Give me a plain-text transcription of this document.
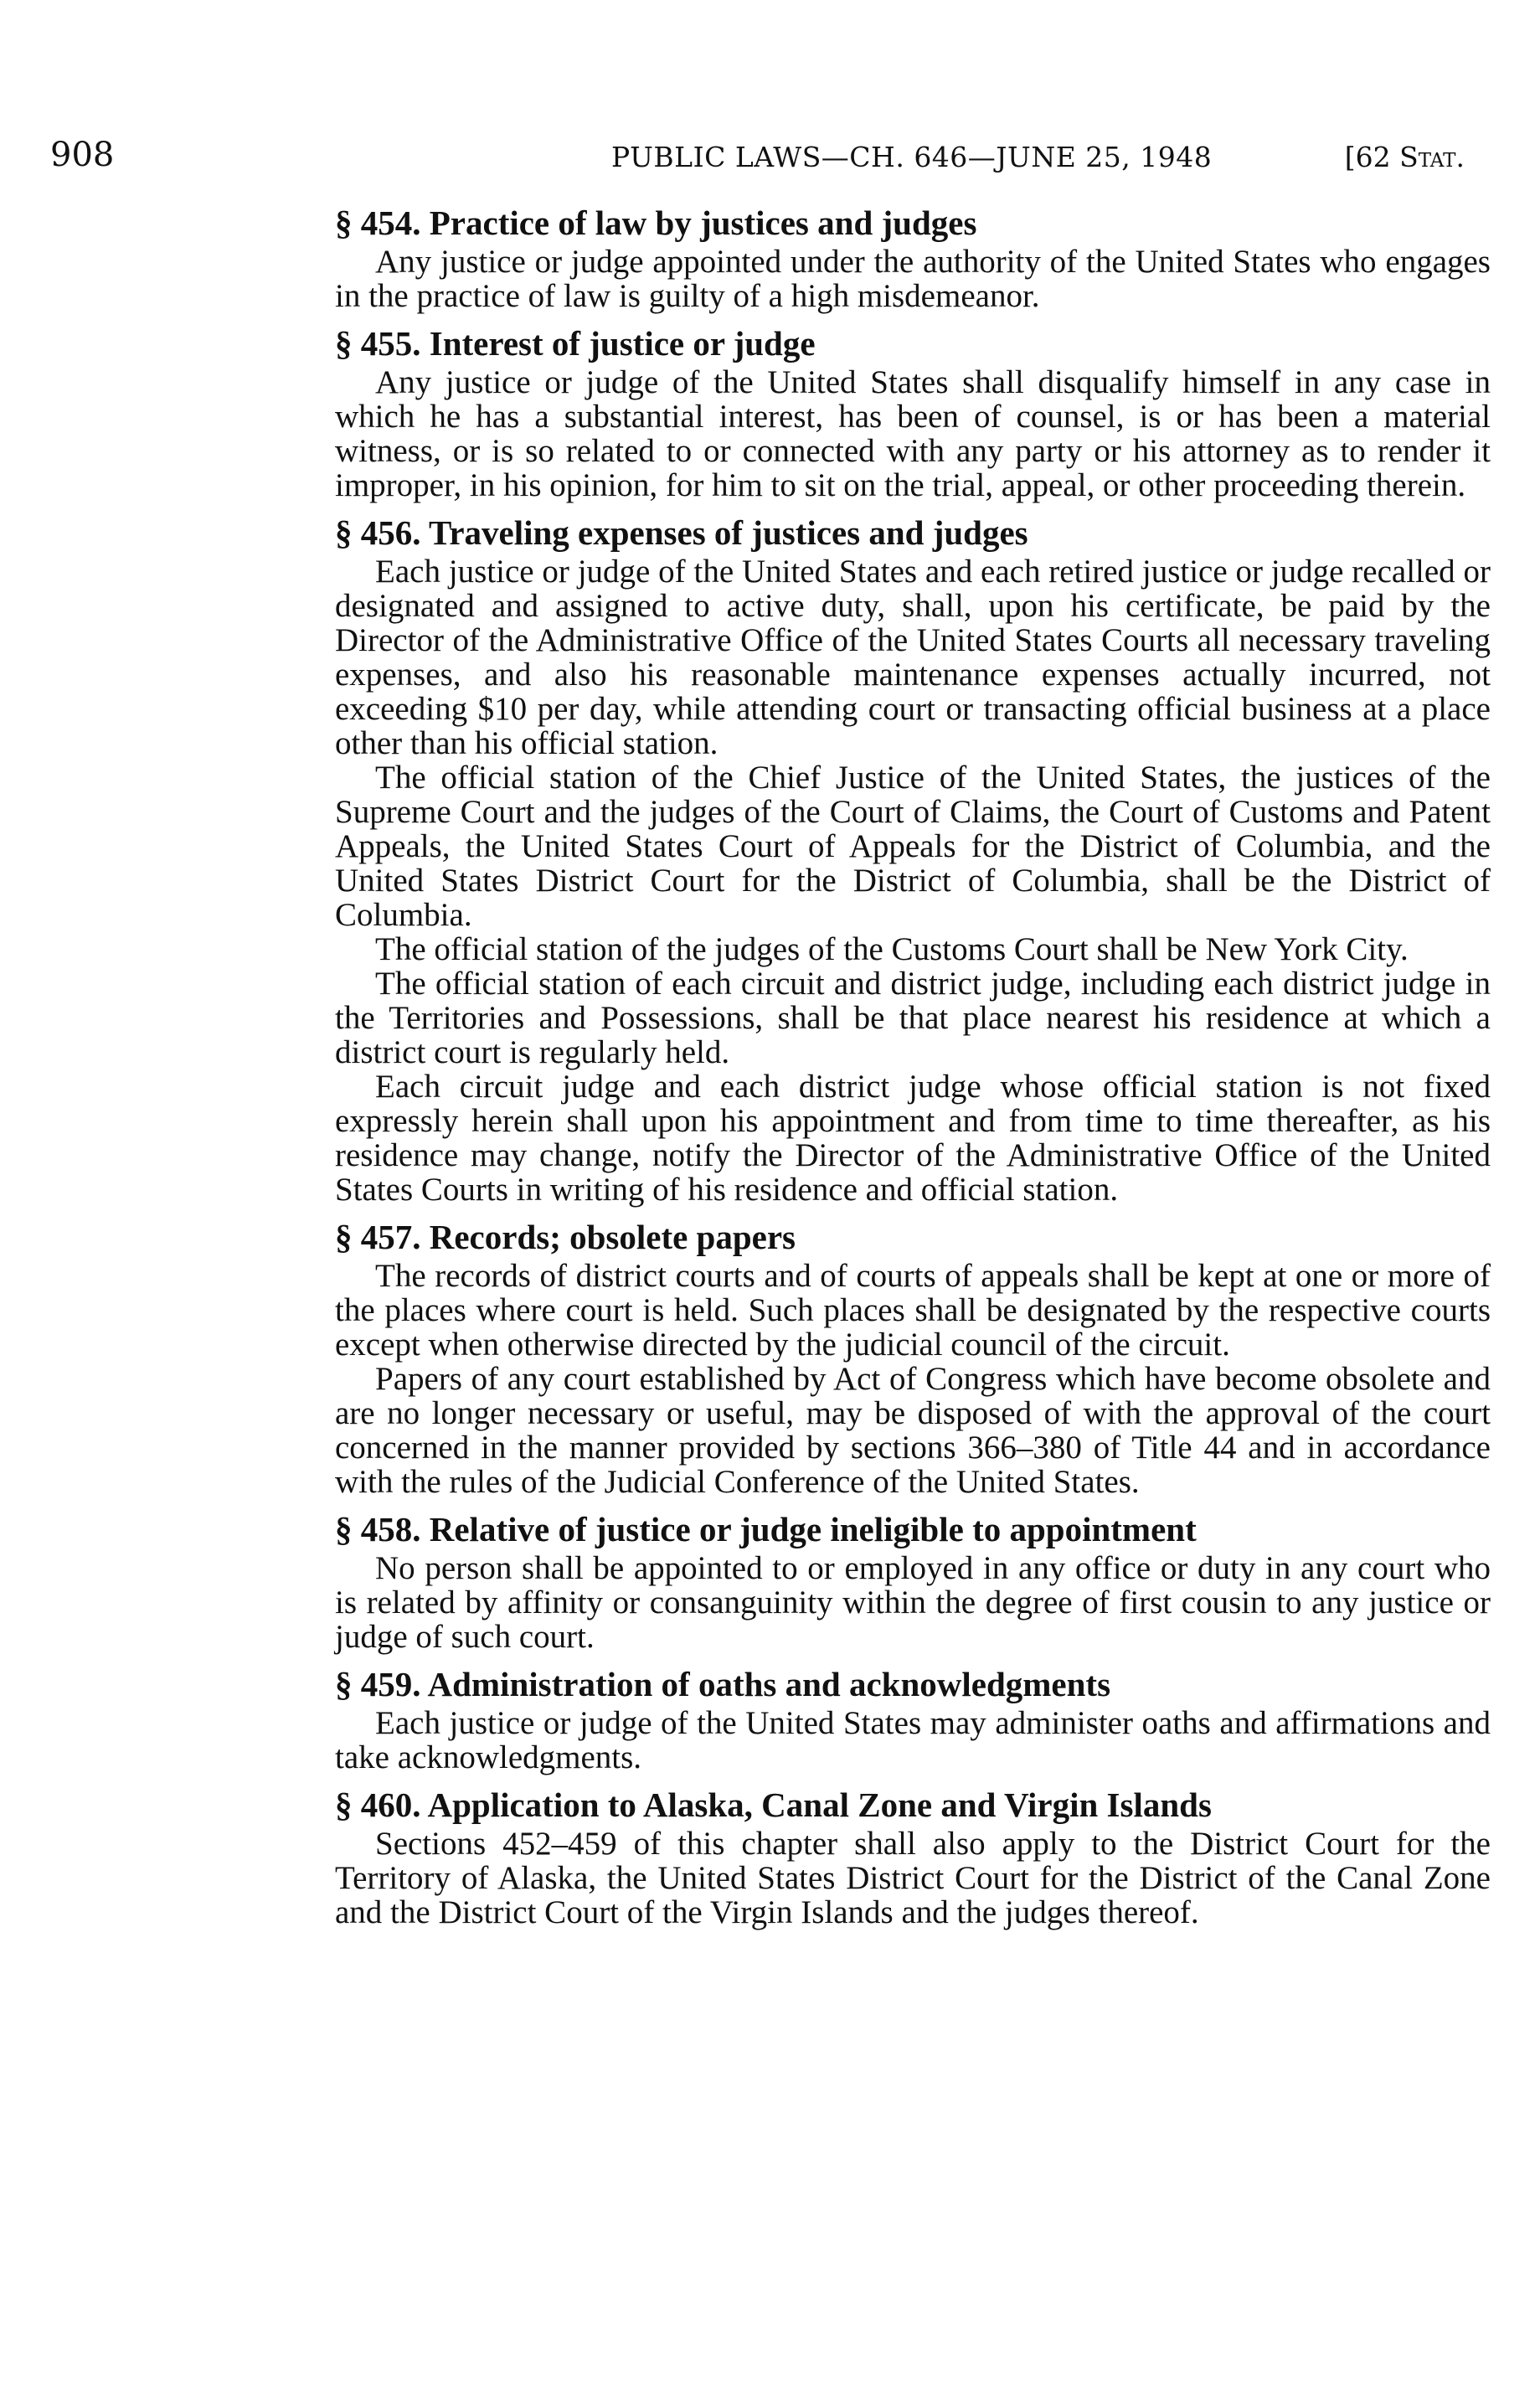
908	PUBLIC LAWS—CH. 646—JUNE 25, 1948	[62 Stat.
§ 454. Practice of law by justices and judges

Any justice or judge appointed under the authority of the United States who engages in the practice of law is guilty of a high misdemeanor.

§ 455. Interest of justice or judge

Any justice or judge of the United States shall disqualify himself in any case in which he has a substantial interest, has been of counsel, is or has been a material witness, or is so related to or connected with any party or his attorney as to render it improper, in his opinion, for him to sit on the trial, appeal, or other proceeding therein.

§ 456. Traveling expenses of justices and judges

Each justice or judge of the United States and each retired justice or judge recalled or designated and assigned to active duty, shall, upon his certificate, be paid by the Director of the Administrative Office of the United States Courts all necessary traveling expenses, and also his reasonable maintenance expenses actually incurred, not exceeding $10 per day, while attending court or transacting official business at a place other than his official station.

The official station of the Chief Justice of the United States, the justices of the Supreme Court and the judges of the Court of Claims, the Court of Customs and Patent Appeals, the United States Court of Appeals for the District of Columbia, and the United States District Court for the District of Columbia, shall be the District of Columbia.

The official station of the judges of the Customs Court shall be New York City.

The official station of each circuit and district judge, including each district judge in the Territories and Possessions, shall be that place nearest his residence at which a district court is regularly held.

Each circuit judge and each district judge whose official station is not fixed expressly herein shall upon his appointment and from time to time thereafter, as his residence may change, notify the Director of the Administrative Office of the United States Courts in writing of his residence and official station.

§ 457. Records; obsolete papers

The records of district courts and of courts of appeals shall be kept at one or more of the places where court is held. Such places shall be designated by the respective courts except when otherwise directed by the judicial council of the circuit.

Papers of any court established by Act of Congress which have become obsolete and are no longer necessary or useful, may be disposed of with the approval of the court concerned in the manner provided by sections 366–380 of Title 44 and in accordance with the rules of the Judicial Conference of the United States.

§ 458. Relative of justice or judge ineligible to appointment

No person shall be appointed to or employed in any office or duty in any court who is related by affinity or consanguinity within the degree of first cousin to any justice or judge of such court.

§ 459. Administration of oaths and acknowledgments

Each justice or judge of the United States may administer oaths and affirmations and take acknowledgments.

§ 460. Application to Alaska, Canal Zone and Virgin Islands

Sections 452–459 of this chapter shall also apply to the District Court for the Territory of Alaska, the United States District Court for the District of the Canal Zone and the District Court of the Virgin Islands and the judges thereof.
